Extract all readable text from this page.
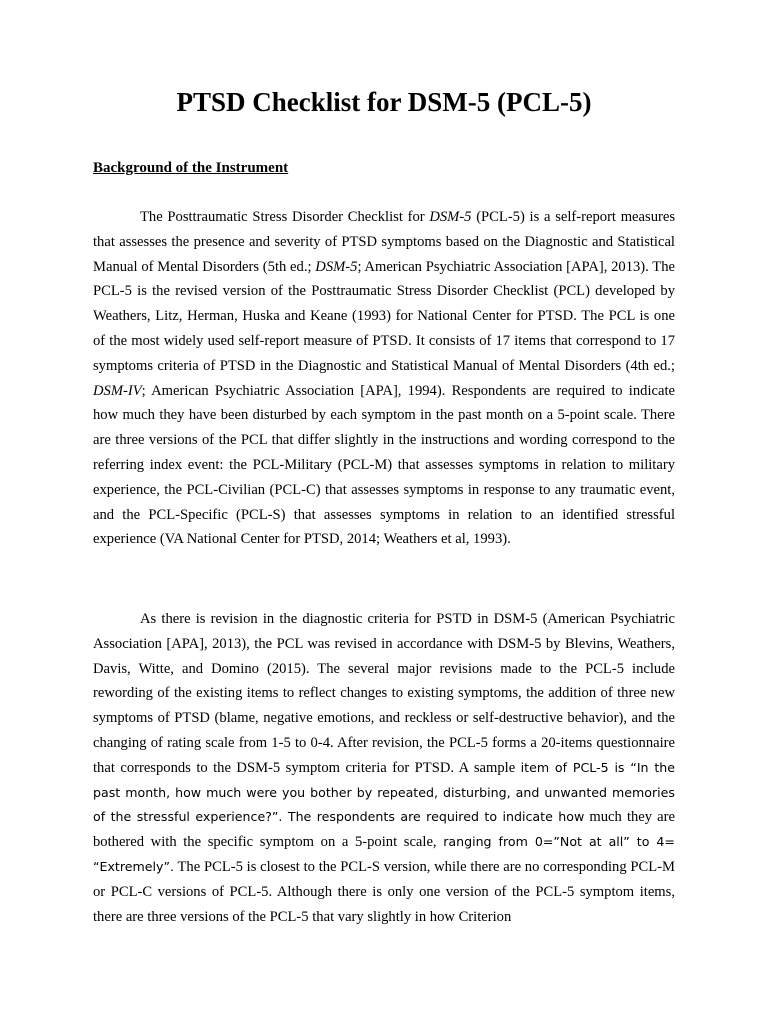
PTSD Checklist for DSM-5 (PCL-5)
Background of the Instrument

The Posttraumatic Stress Disorder Checklist for DSM-5 (PCL-5) is a self-report measures that assesses the presence and severity of PTSD symptoms based on the Diagnostic and Statistical Manual of Mental Disorders (5th ed.; DSM-5; American Psychiatric Association [APA], 2013). The PCL-5 is the revised version of the Posttraumatic Stress Disorder Checklist (PCL) developed by Weathers, Litz, Herman, Huska and Keane (1993) for National Center for PTSD. The PCL is one of the most widely used self-report measure of PTSD. It consists of 17 items that correspond to 17 symptoms criteria of PTSD in the Diagnostic and Statistical Manual of Mental Disorders (4th ed.; DSM-IV; American Psychiatric Association [APA], 1994). Respondents are required to indicate how much they have been disturbed by each symptom in the past month on a 5-point scale. There are three versions of the PCL that differ slightly in the instructions and wording correspond to the referring index event: the PCL-Military (PCL-M) that assesses symptoms in relation to military experience, the PCL-Civilian (PCL-C) that assesses symptoms in response to any traumatic event, and the PCL-Specific (PCL-S) that assesses symptoms in relation to an identified stressful experience (VA National Center for PTSD, 2014; Weathers et al, 1993).

As there is revision in the diagnostic criteria for PSTD in DSM-5 (American Psychiatric Association [APA], 2013), the PCL was revised in accordance with DSM-5 by Blevins, Weathers, Davis, Witte, and Domino (2015). The several major revisions made to the PCL-5 include rewording of the existing items to reflect changes to existing symptoms, the addition of three new symptoms of PTSD (blame, negative emotions, and reckless or self-destructive behavior), and the changing of rating scale from 1-5 to 0-4. After revision, the PCL-5 forms a 20-items questionnaire that corresponds to the DSM-5 symptom criteria for PTSD. A sample item of PCL-5 is “In the past month, how much were you bother by repeated, disturbing, and unwanted memories of the stressful experience?”. The respondents are required to indicate how much they are bothered with the specific symptom on a 5-point scale, ranging from 0=”Not at all” to 4= “Extremely”. The PCL-5 is closest to the PCL-S version, while there are no corresponding PCL-M or PCL-C versions of PCL-5. Although there is only one version of the PCL-5 symptom items, there are three versions of the PCL-5 that vary slightly in how Criterion
